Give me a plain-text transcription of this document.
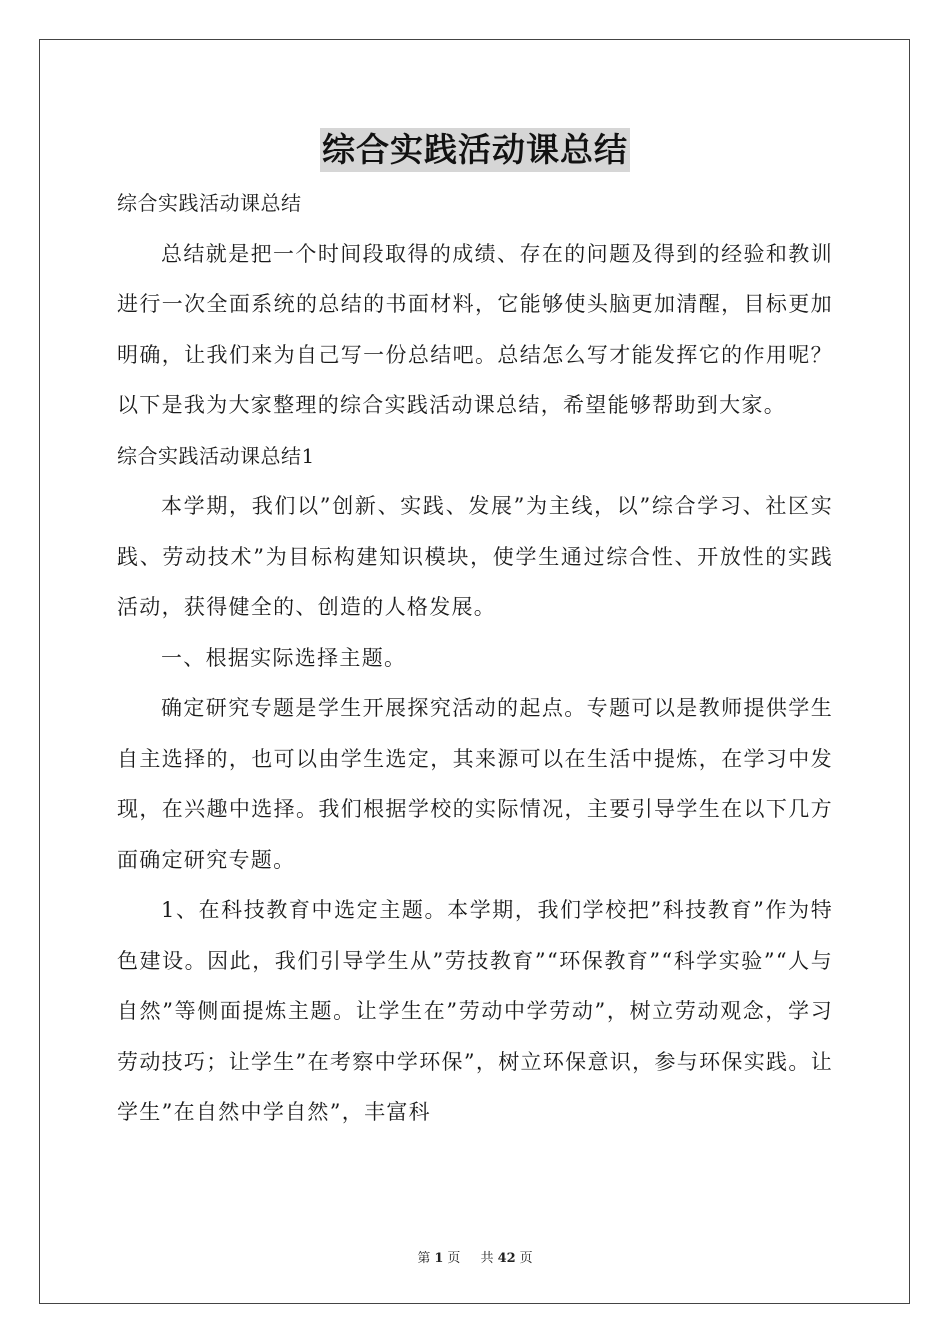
综合实践活动课总结

综合实践活动课总结

总结就是把一个时间段取得的成绩、存在的问题及得到的经验和教训进行一次全面系统的总结的书面材料，它能够使头脑更加清醒，目标更加明确，让我们来为自己写一份总结吧。总结怎么写才能发挥它的作用呢？以下是我为大家整理的综合实践活动课总结，希望能够帮助到大家。

综合实践活动课总结1

本学期，我们以”创新、实践、发展”为主线，以”综合学习、社区实践、劳动技术”为目标构建知识模块，使学生通过综合性、开放性的实践活动，获得健全的、创造的人格发展。

一、根据实际选择主题。

确定研究专题是学生开展探究活动的起点。专题可以是教师提供学生自主选择的，也可以由学生选定，其来源可以在生活中提炼，在学习中发现，在兴趣中选择。我们根据学校的实际情况，主要引导学生在以下几方面确定研究专题。

1、在科技教育中选定主题。本学期，我们学校把”科技教育”作为特色建设。因此，我们引导学生从”劳技教育”“环保教育”“科学实验”“人与自然”等侧面提炼主题。让学生在”劳动中学劳动”，树立劳动观念，学习劳动技巧；让学生”在考察中学环保”，树立环保意识，参与环保实践。让学生”在自然中学自然”，丰富科

第 1 页 共 42 页
